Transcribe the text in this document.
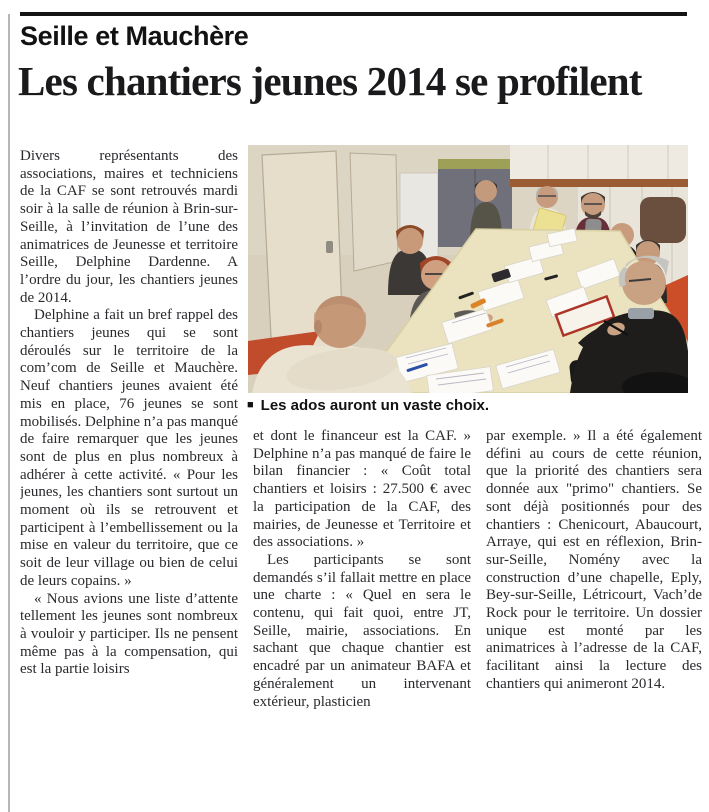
Seille et Mauchère
Les chantiers jeunes 2014 se profilent
■ Les ados auront un vaste choix.

Divers représentants des associations, maires et techniciens de la CAF se sont retrouvés mardi soir à la salle de réunion à Brin-sur-Seille, à l’invitation de l’une des animatrices de Jeunesse et territoire Seille, Delphine Dardenne. A l’ordre du jour, les chantiers jeunes de 2014.

Delphine a fait un bref rappel des chantiers jeunes qui se sont déroulés sur le territoire de la com’com de Seille et Mauchère. Neuf chantiers jeunes avaient été mis en place, 76 jeunes se sont mobilisés. Delphine n’a pas manqué de faire remarquer que les jeunes sont de plus en plus nombreux à adhérer à cette activité. « Pour les jeunes, les chantiers sont surtout un moment où ils se retrouvent et participent à l’embellissement ou la mise en valeur du territoire, que ce soit de leur village ou bien de celui de leurs copains. »

« Nous avions une liste d’attente tellement les jeunes sont nombreux à vouloir y participer. Ils ne pensent même pas à la compensation, qui est la partie loisirs

et dont le financeur est la CAF. » Delphine n’a pas manqué de faire le bilan financier : « Coût total chantiers et loisirs : 27.500 € avec la participation de la CAF, des mairies, de Jeunesse et Territoire et des associations. »

Les participants se sont demandés s’il fallait mettre en place une charte : « Quel en sera le contenu, qui fait quoi, entre JT, Seille, mairie, associations. En sachant que chaque chantier est encadré par un animateur BAFA et généralement un intervenant extérieur, plasticien

par exemple. » Il a été également défini au cours de cette réunion, que la priorité des chantiers sera donnée aux "primo" chantiers. Se sont déjà positionnés pour des chantiers : Chenicourt, Abaucourt, Arraye, qui est en réflexion, Brin-sur-Seille, Nomény avec la construction d’une chapelle, Eply, Bey-sur-Seille, Létricourt, Vach’de Rock pour le territoire. Un dossier unique est monté par les animatrices à l’adresse de la CAF, facilitant ainsi la lecture des chantiers qui animeront 2014.
